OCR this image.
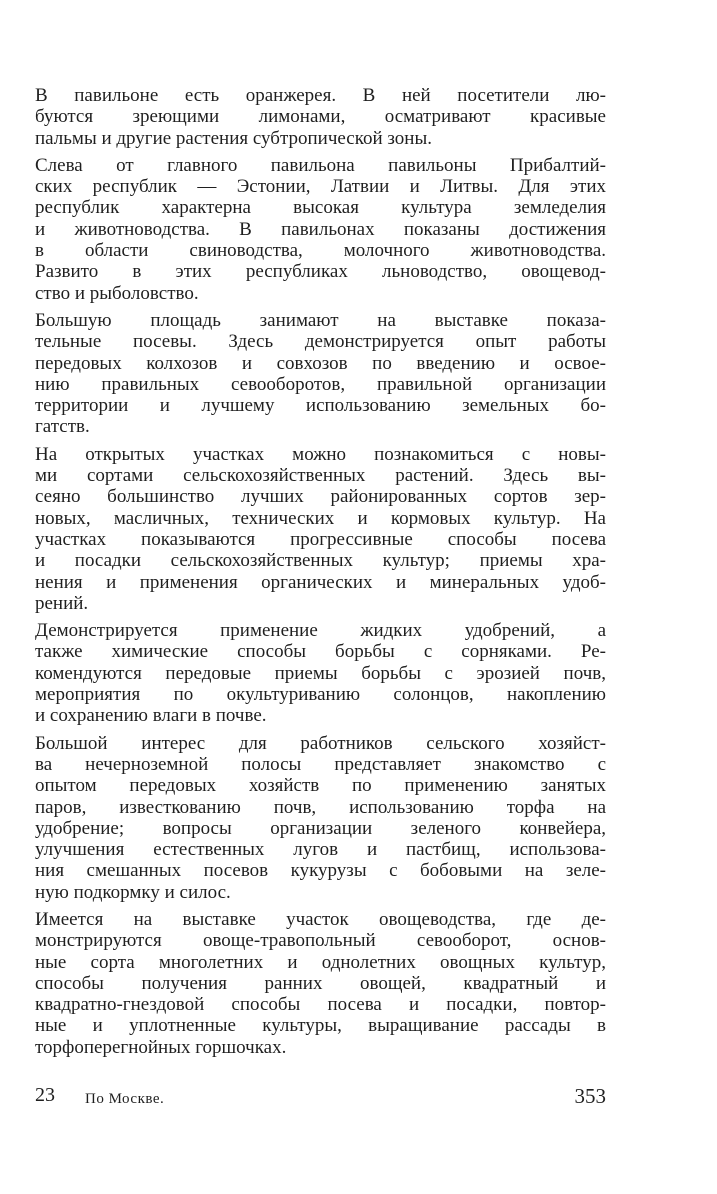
В павильоне есть оранжерея. В ней посетители лю-
буются зреющими лимонами, осматривают красивые
пальмы и другие растения субтропической зоны.
Слева от главного павильона павильоны Прибалтий-
ских республик — Эстонии, Латвии и Литвы. Для этих
республик характерна высокая культура земледелия
и животноводства. В павильонах показаны достижения
в области свиноводства, молочного животноводства.
Развито в этих республиках льноводство, овощевод-
ство и рыболовство.
Большую площадь занимают на выставке показа-
тельные посевы. Здесь демонстрируется опыт работы
передовых колхозов и совхозов по введению и освое-
нию правильных севооборотов, правильной организации
территории и лучшему использованию земельных бо-
гатств.
На открытых участках можно познакомиться с новы-
ми сортами сельскохозяйственных растений. Здесь вы-
сеяно большинство лучших районированных сортов зер-
новых, масличных, технических и кормовых культур. На
участках показываются прогрессивные способы посева
и посадки сельскохозяйственных культур; приемы хра-
нения и применения органических и минеральных удоб-
рений.
Демонстрируется применение жидких удобрений, а
также химические способы борьбы с сорняками. Ре-
комендуются передовые приемы борьбы с эрозией почв,
мероприятия по окультуриванию солонцов, накоплению
и сохранению влаги в почве.
Большой интерес для работников сельского хозяйст-
ва нечерноземной полосы представляет знакомство с
опытом передовых хозяйств по применению занятых
паров, известкованию почв, использованию торфа на
удобрение; вопросы организации зеленого конвейера,
улучшения естественных лугов и пастбищ, использова-
ния смешанных посевов кукурузы с бобовыми на зеле-
ную подкормку и силос.
Имеется на выставке участок овощеводства, где де-
монстрируются овоще-травопольный севооборот, основ-
ные сорта многолетних и однолетних овощных культур,
способы получения ранних овощей, квадратный и
квадратно-гнездовой способы посева и посадки, повтор-
ные и уплотненные культуры, выращивание рассады в
торфоперегнойных горшочках.
23 По Москве.	353
